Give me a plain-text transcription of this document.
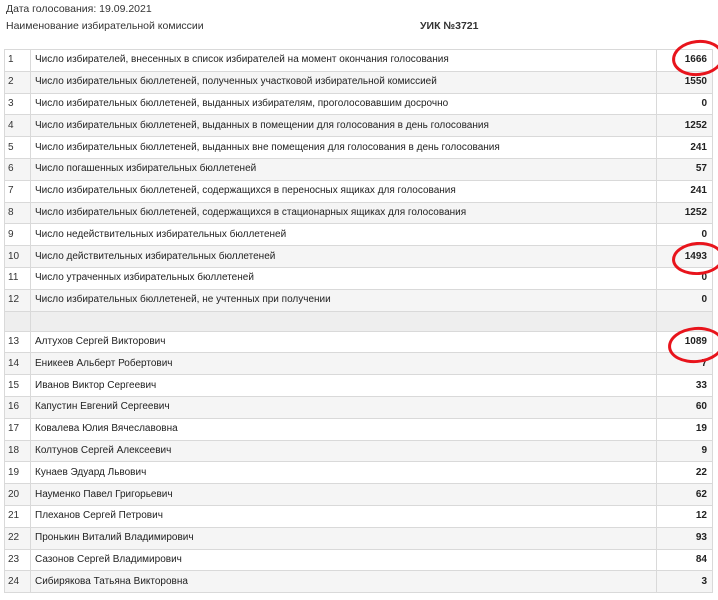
Дата голосования: 19.09.2021
Наименование избирательной комиссии	УИК №3721
1	Число избирателей, внесенных в список избирателей на момент окончания голосования	1666
2	Число избирательных бюллетеней, полученных участковой избирательной комиссией	1550
3	Число избирательных бюллетеней, выданных избирателям, проголосовавшим досрочно	0
4	Число избирательных бюллетеней, выданных в помещении для голосования в день голосования	1252
5	Число избирательных бюллетеней, выданных вне помещения для голосования в день голосования	241
6	Число погашенных избирательных бюллетеней	57
7	Число избирательных бюллетеней, содержащихся в переносных ящиках для голосования	241
8	Число избирательных бюллетеней, содержащихся в стационарных ящиках для голосования	1252
9	Число недействительных избирательных бюллетеней	0
10	Число действительных избирательных бюллетеней	1493
11	Число утраченных избирательных бюллетеней	0
12	Число избирательных бюллетеней, не учтенных при получении	0

13	Алтухов Сергей Викторович	1089
14	Еникеев Альберт Робертович	7
15	Иванов Виктор Сергеевич	33
16	Капустин Евгений Сергеевич	60
17	Ковалева Юлия Вячеславовна	19
18	Колтунов Сергей Алексеевич	9
19	Кунаев Эдуард Львович	22
20	Науменко Павел Григорьевич	62
21	Плеханов Сергей Петрович	12
22	Пронькин Виталий Владимирович	93
23	Сазонов Сергей Владимирович	84
24	Сибирякова Татьяна Викторовна	3
